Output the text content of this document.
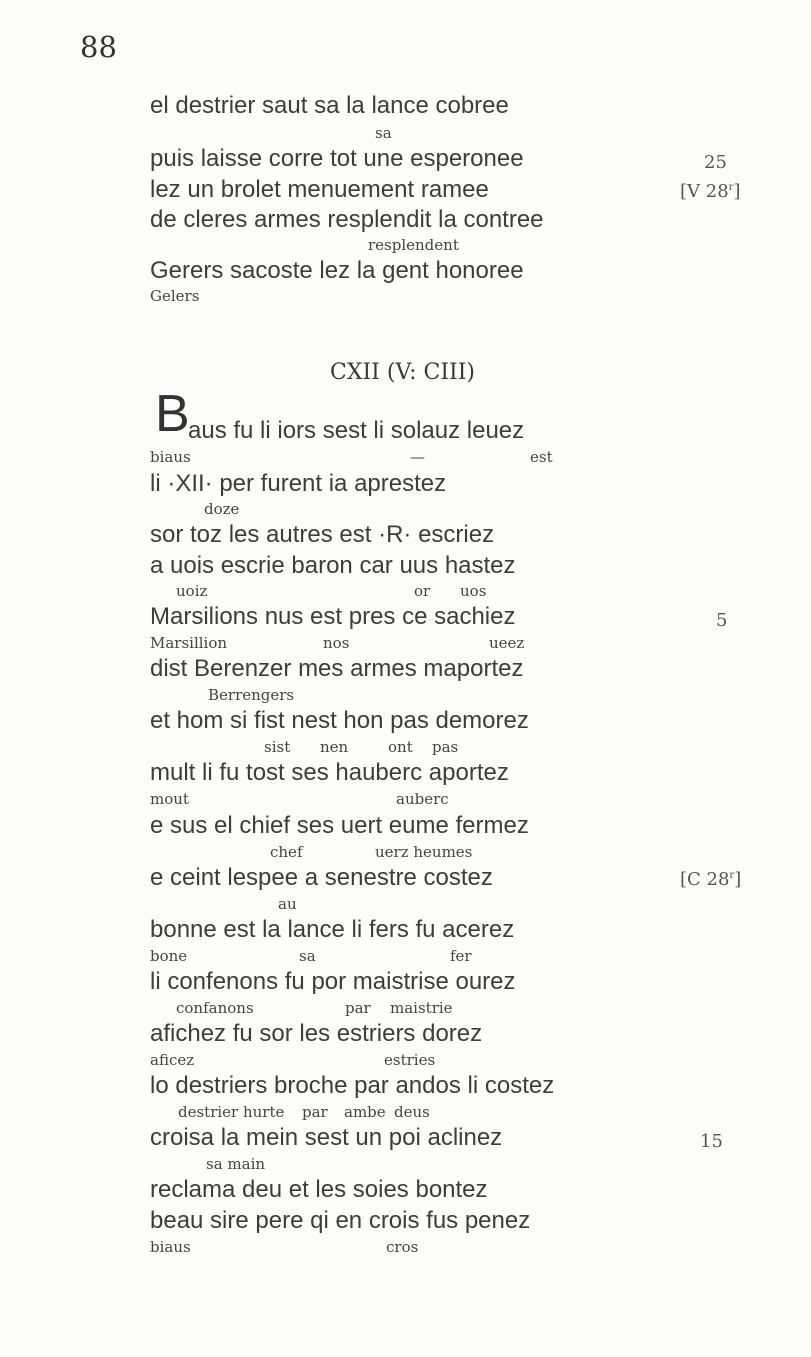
88
el destrier saut sa la lance cobree
sa
puis laisse corre tot une esperonee
lez un brolet menuement ramee
de cleres armes resplendit la contree
resplendent
Gerers sacoste lez la gent honoree
Gelers
CXII (V: CIII)
B
aus fu li iors sest li solauz leuez
biaus	—	est
li ·XII· per furent ia aprestez
doze
sor toz les autres est ·R· escriez
a uois escrie baron car uus hastez
uoiz	or uos
Marsilions nus est pres ce sachiez
Marsillion	nos	ueez
dist Berenzer mes armes maportez
Berrengers
et hom si fist nest hon pas demorez
sist nen	ont pas
mult li fu tost ses hauberc aportez
mout	auberc
e sus el chief ses uert eume fermez
chef	uerz heumes
e ceint lespee a senestre costez
au
bonne est la lance li fers fu acerez
bone	sa	fer
li confenons fu por maistrise ourez
confanons	par maistrie
afichez fu sor les estriers dorez
aficez	estries
lo destriers broche par andos li costez
destrier hurte par ambe deus
croisa la mein sest un poi aclinez
sa main
reclama deu et les soies bontez
beau sire pere qi en crois fus penez
biaus	cros
25
[V 28$^r$]
5
[C 28$^r$]
15
